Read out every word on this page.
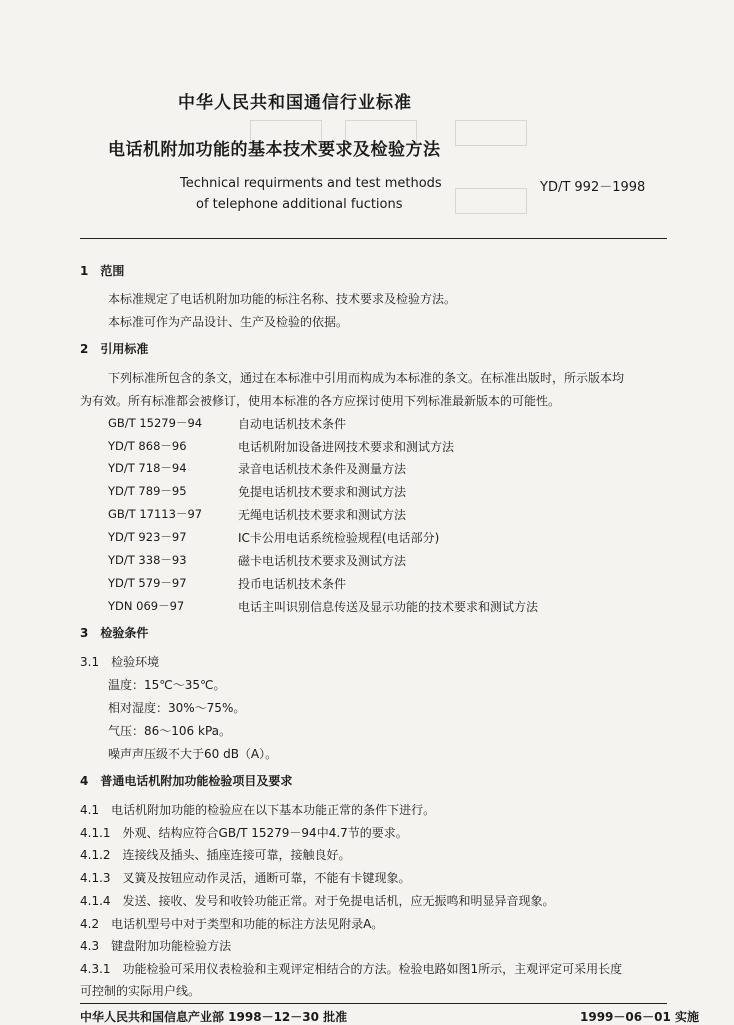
中华人民共和国通信行业标准
电话机附加功能的基本技术要求及检验方法
Technical requirments and test methods
of telephone additional fuctions
YD/T 992－1998
1　范围
本标准规定了电话机附加功能的标注名称、技术要求及检验方法。
本标准可作为产品设计、生产及检验的依据。
2　引用标准
下列标准所包含的条文，通过在本标准中引用而构成为本标准的条文。在标准出版时，所示版本均
为有效。所有标准都会被修订，使用本标准的各方应探讨使用下列标准最新版本的可能性。
GB/T 15279－94	自动电话机技术条件
YD/T 868－96	电话机附加设备进网技术要求和测试方法
YD/T 718－94	录音电话机技术条件及测量方法
YD/T 789－95	免提电话机技术要求和测试方法
GB/T 17113－97	无绳电话机技术要求和测试方法
YD/T 923－97	IC卡公用电话系统检验规程(电话部分)
YD/T 338－93	磁卡电话机技术要求及测试方法
YD/T 579－97	投币电话机技术条件
YDN 069－97	电话主叫识别信息传送及显示功能的技术要求和测试方法
3　检验条件
3.1　检验环境
温度：15℃～35℃。
相对湿度：30%～75%。
气压：86～106 kPa。
噪声声压级不大于60 dB（A）。
4　普通电话机附加功能检验项目及要求
4.1　电话机附加功能的检验应在以下基本功能正常的条件下进行。
4.1.1　外观、结构应符合GB/T 15279－94中4.7节的要求。
4.1.2　连接线及插头、插座连接可靠，接触良好。
4.1.3　叉簧及按钮应动作灵活，通断可靠，不能有卡键现象。
4.1.4　发送、接收、发号和收铃功能正常。对于免提电话机，应无振鸣和明显异音现象。
4.2　电话机型号中对于类型和功能的标注方法见附录A。
4.3　键盘附加功能检验方法
4.3.1　功能检验可采用仪表检验和主观评定相结合的方法。检验电路如图1所示，主观评定可采用长度
可控制的实际用户线。
中华人民共和国信息产业部 1998－12－30 批准	1999－06－01 实施
